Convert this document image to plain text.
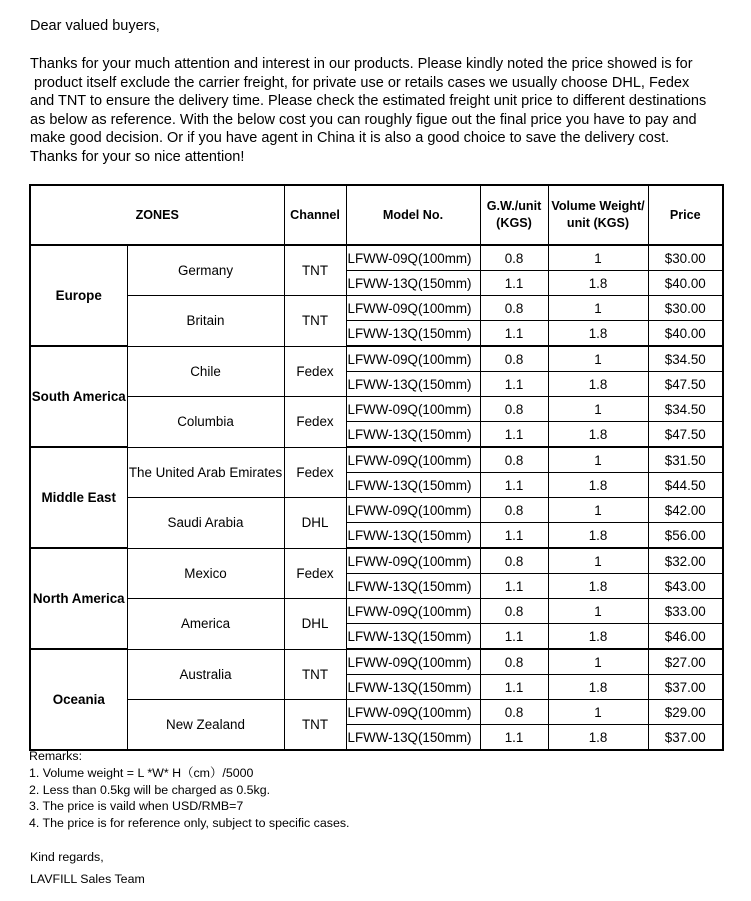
Dear valued buyers,
Thanks for your much attention and interest in our products. Please kindly noted the price showed is for
product itself exclude the carrier freight, for private use or retails cases we usually choose DHL, Fedex
and TNT to ensure the delivery time. Please check the estimated freight unit price to different destinations
as below as reference. With the below cost you can roughly figue out the final price you have to pay and
make good decision. Or if you have agent in China it is also a good choice to save the delivery cost.
Thanks for your so nice attention!
ZONES		Channel	Model No.	G.W./unit (KGS)	Volume Weight/ unit (KGS)	Price
Europe	Germany	TNT	LFWW-09Q(100mm)	0.8	1	$30.00
			LFWW-13Q(150mm)	1.1	1.8	$40.00
	Britain	TNT	LFWW-09Q(100mm)	0.8	1	$30.00
			LFWW-13Q(150mm)	1.1	1.8	$40.00
South America	Chile	Fedex	LFWW-09Q(100mm)	0.8	1	$34.50
			LFWW-13Q(150mm)	1.1	1.8	$47.50
	Columbia	Fedex	LFWW-09Q(100mm)	0.8	1	$34.50
			LFWW-13Q(150mm)	1.1	1.8	$47.50
Middle East	The United Arab Emirates	Fedex	LFWW-09Q(100mm)	0.8	1	$31.50
			LFWW-13Q(150mm)	1.1	1.8	$44.50
	Saudi Arabia	DHL	LFWW-09Q(100mm)	0.8	1	$42.00
			LFWW-13Q(150mm)	1.1	1.8	$56.00
North America	Mexico	Fedex	LFWW-09Q(100mm)	0.8	1	$32.00
			LFWW-13Q(150mm)	1.1	1.8	$43.00
	America	DHL	LFWW-09Q(100mm)	0.8	1	$33.00
			LFWW-13Q(150mm)	1.1	1.8	$46.00
Oceania	Australia	TNT	LFWW-09Q(100mm)	0.8	1	$27.00
			LFWW-13Q(150mm)	1.1	1.8	$37.00
	New Zealand	TNT	LFWW-09Q(100mm)	0.8	1	$29.00
			LFWW-13Q(150mm)	1.1	1.8	$37.00
Remarks:
1. Volume weight = L *W* H（cm）/5000
2. Less than 0.5kg will be charged as 0.5kg.
3. The price is vaild when USD/RMB=7
4. The price is for reference only, subject to specific cases.
Kind regards,
LAVFILL Sales Team
